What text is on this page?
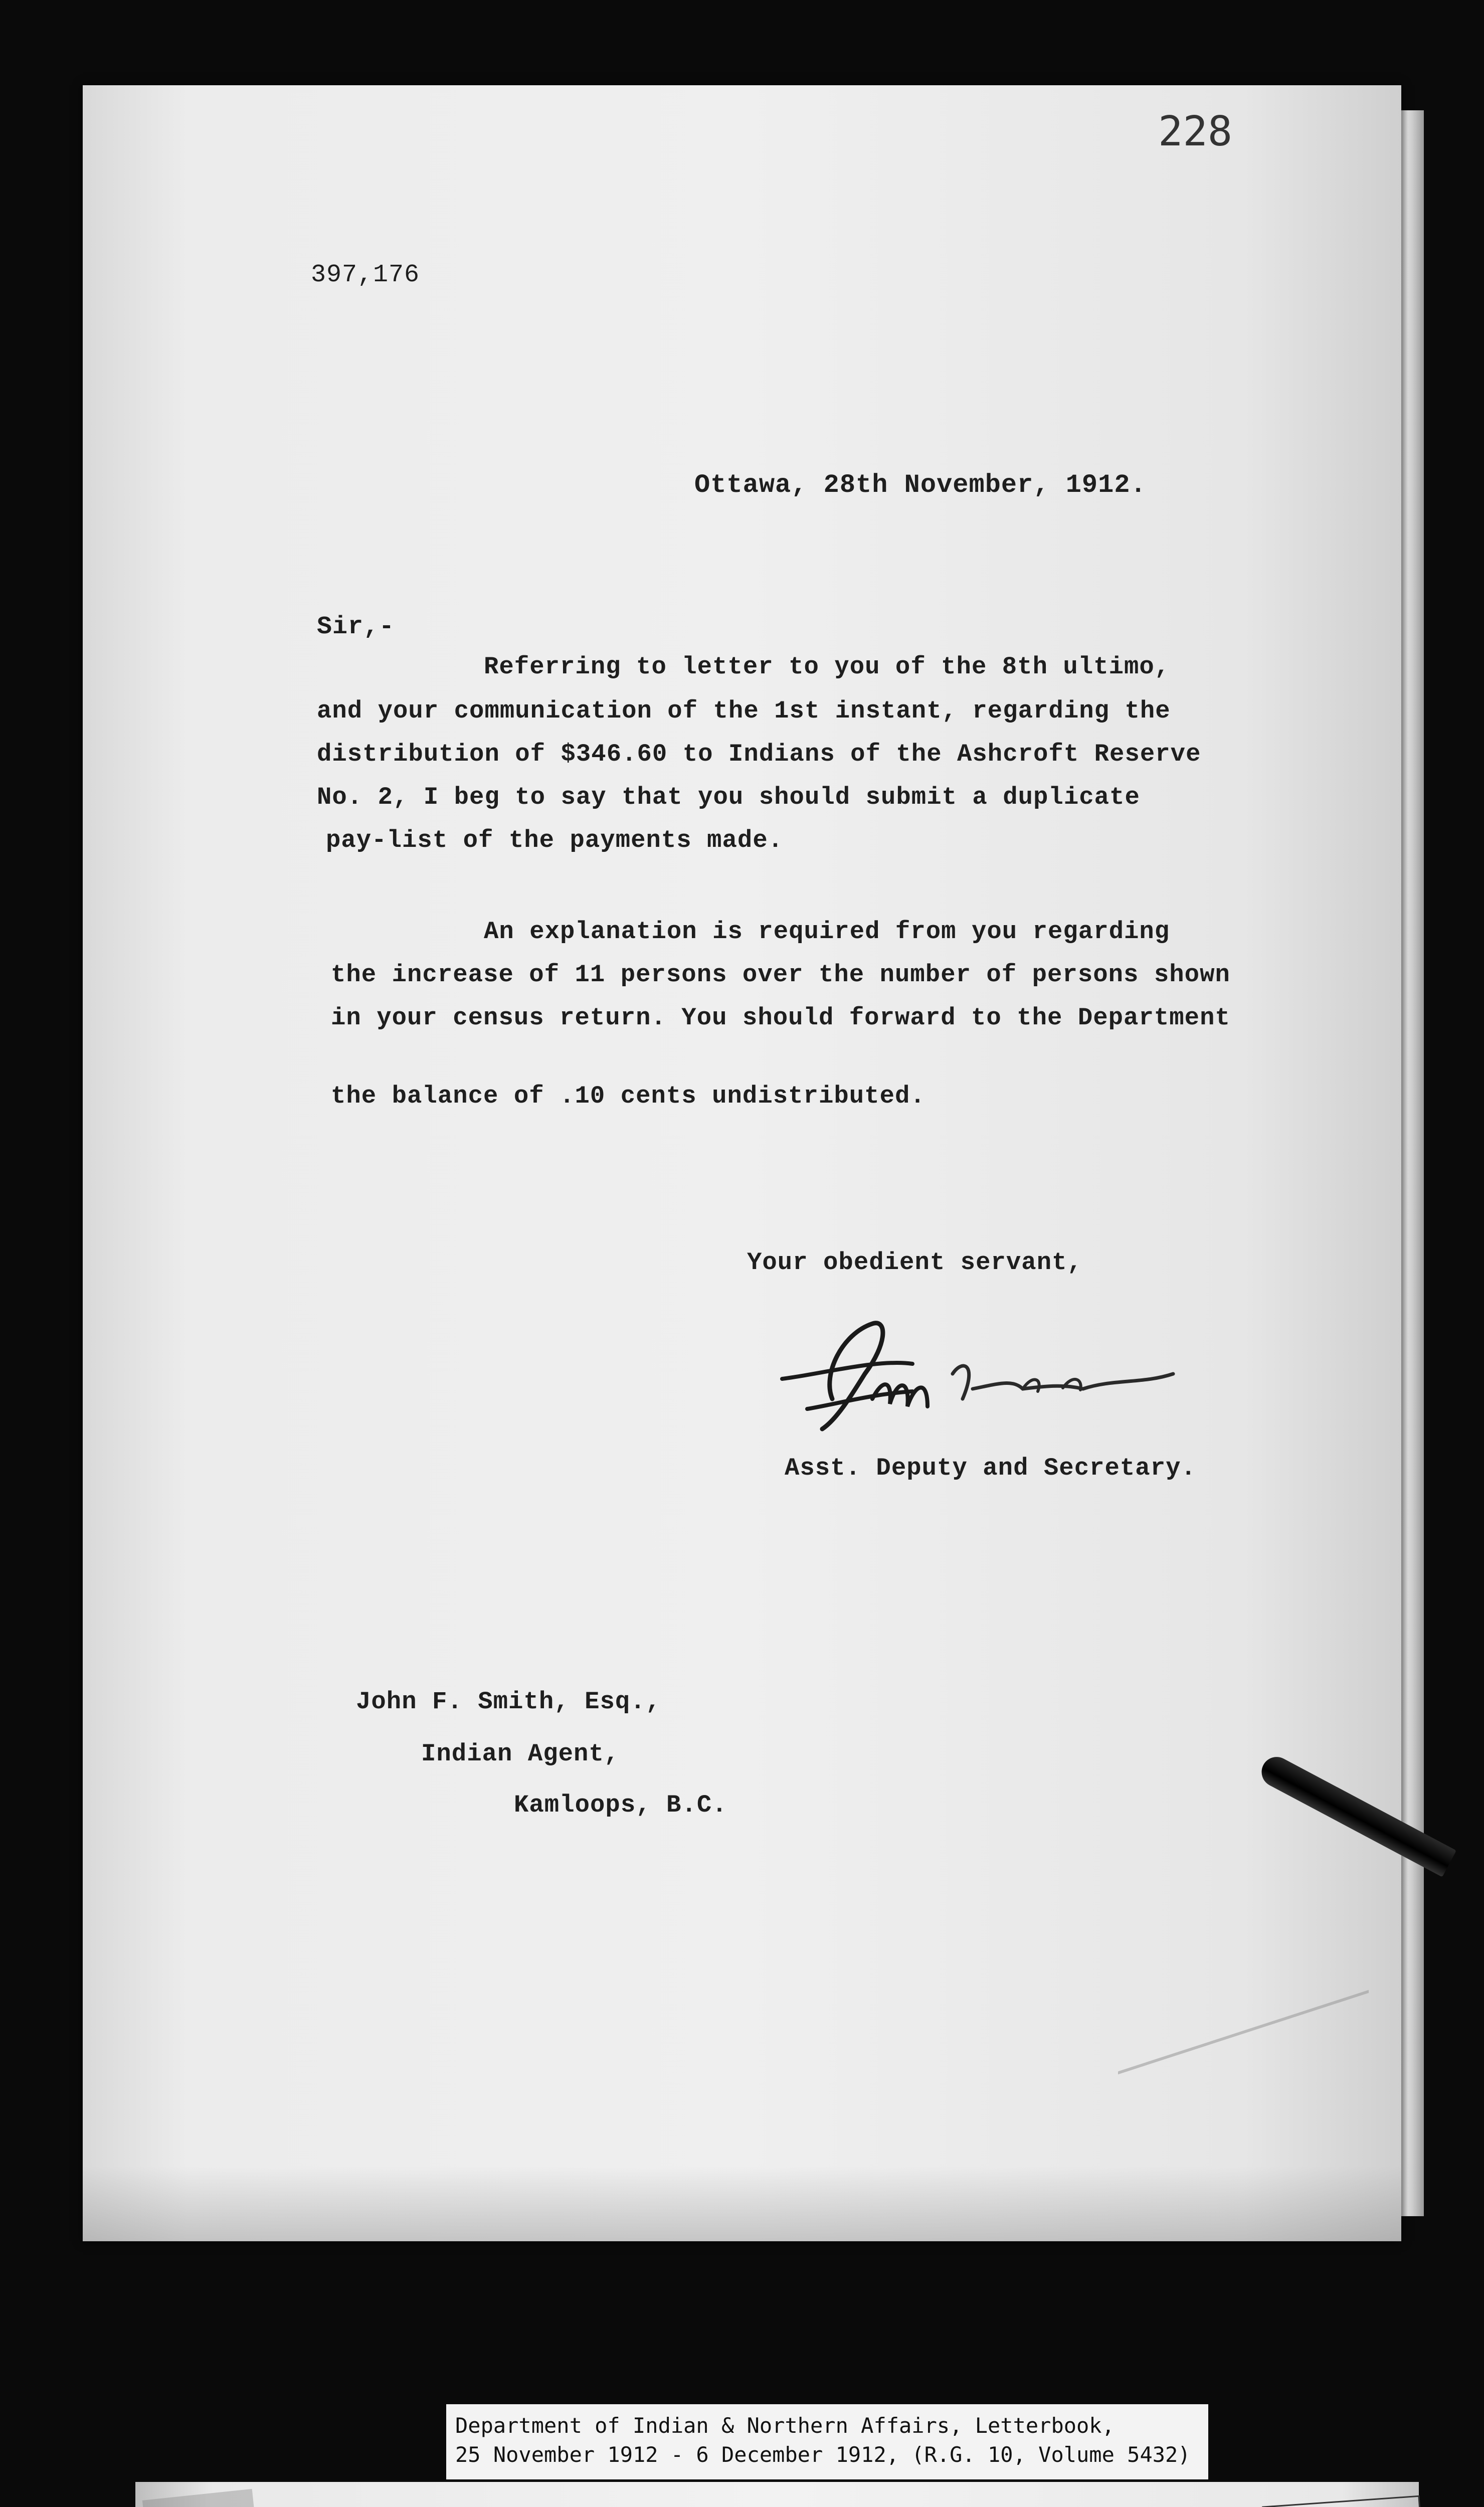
228
397,176
Ottawa, 28th November, 1912.
Sir,-
Referring to letter to you of the 8th ultimo,
and your communication of the 1st instant, regarding the
distribution of $346.60 to Indians of the Ashcroft Reserve
No. 2, I beg to say that you should submit a duplicate
pay-list of the payments made.
An explanation is required from you regarding
the increase of 11 persons over the number of persons shown
in your census return. You should forward to the Department
the balance of .10 cents undistributed.
Your obedient servant,
Asst. Deputy and Secretary.
John F. Smith, Esq.,
Indian Agent,
Kamloops, B.C.
Department of Indian & Northern Affairs, Letterbook,
25 November 1912 - 6 December 1912, (R.G. 10, Volume 5432)
